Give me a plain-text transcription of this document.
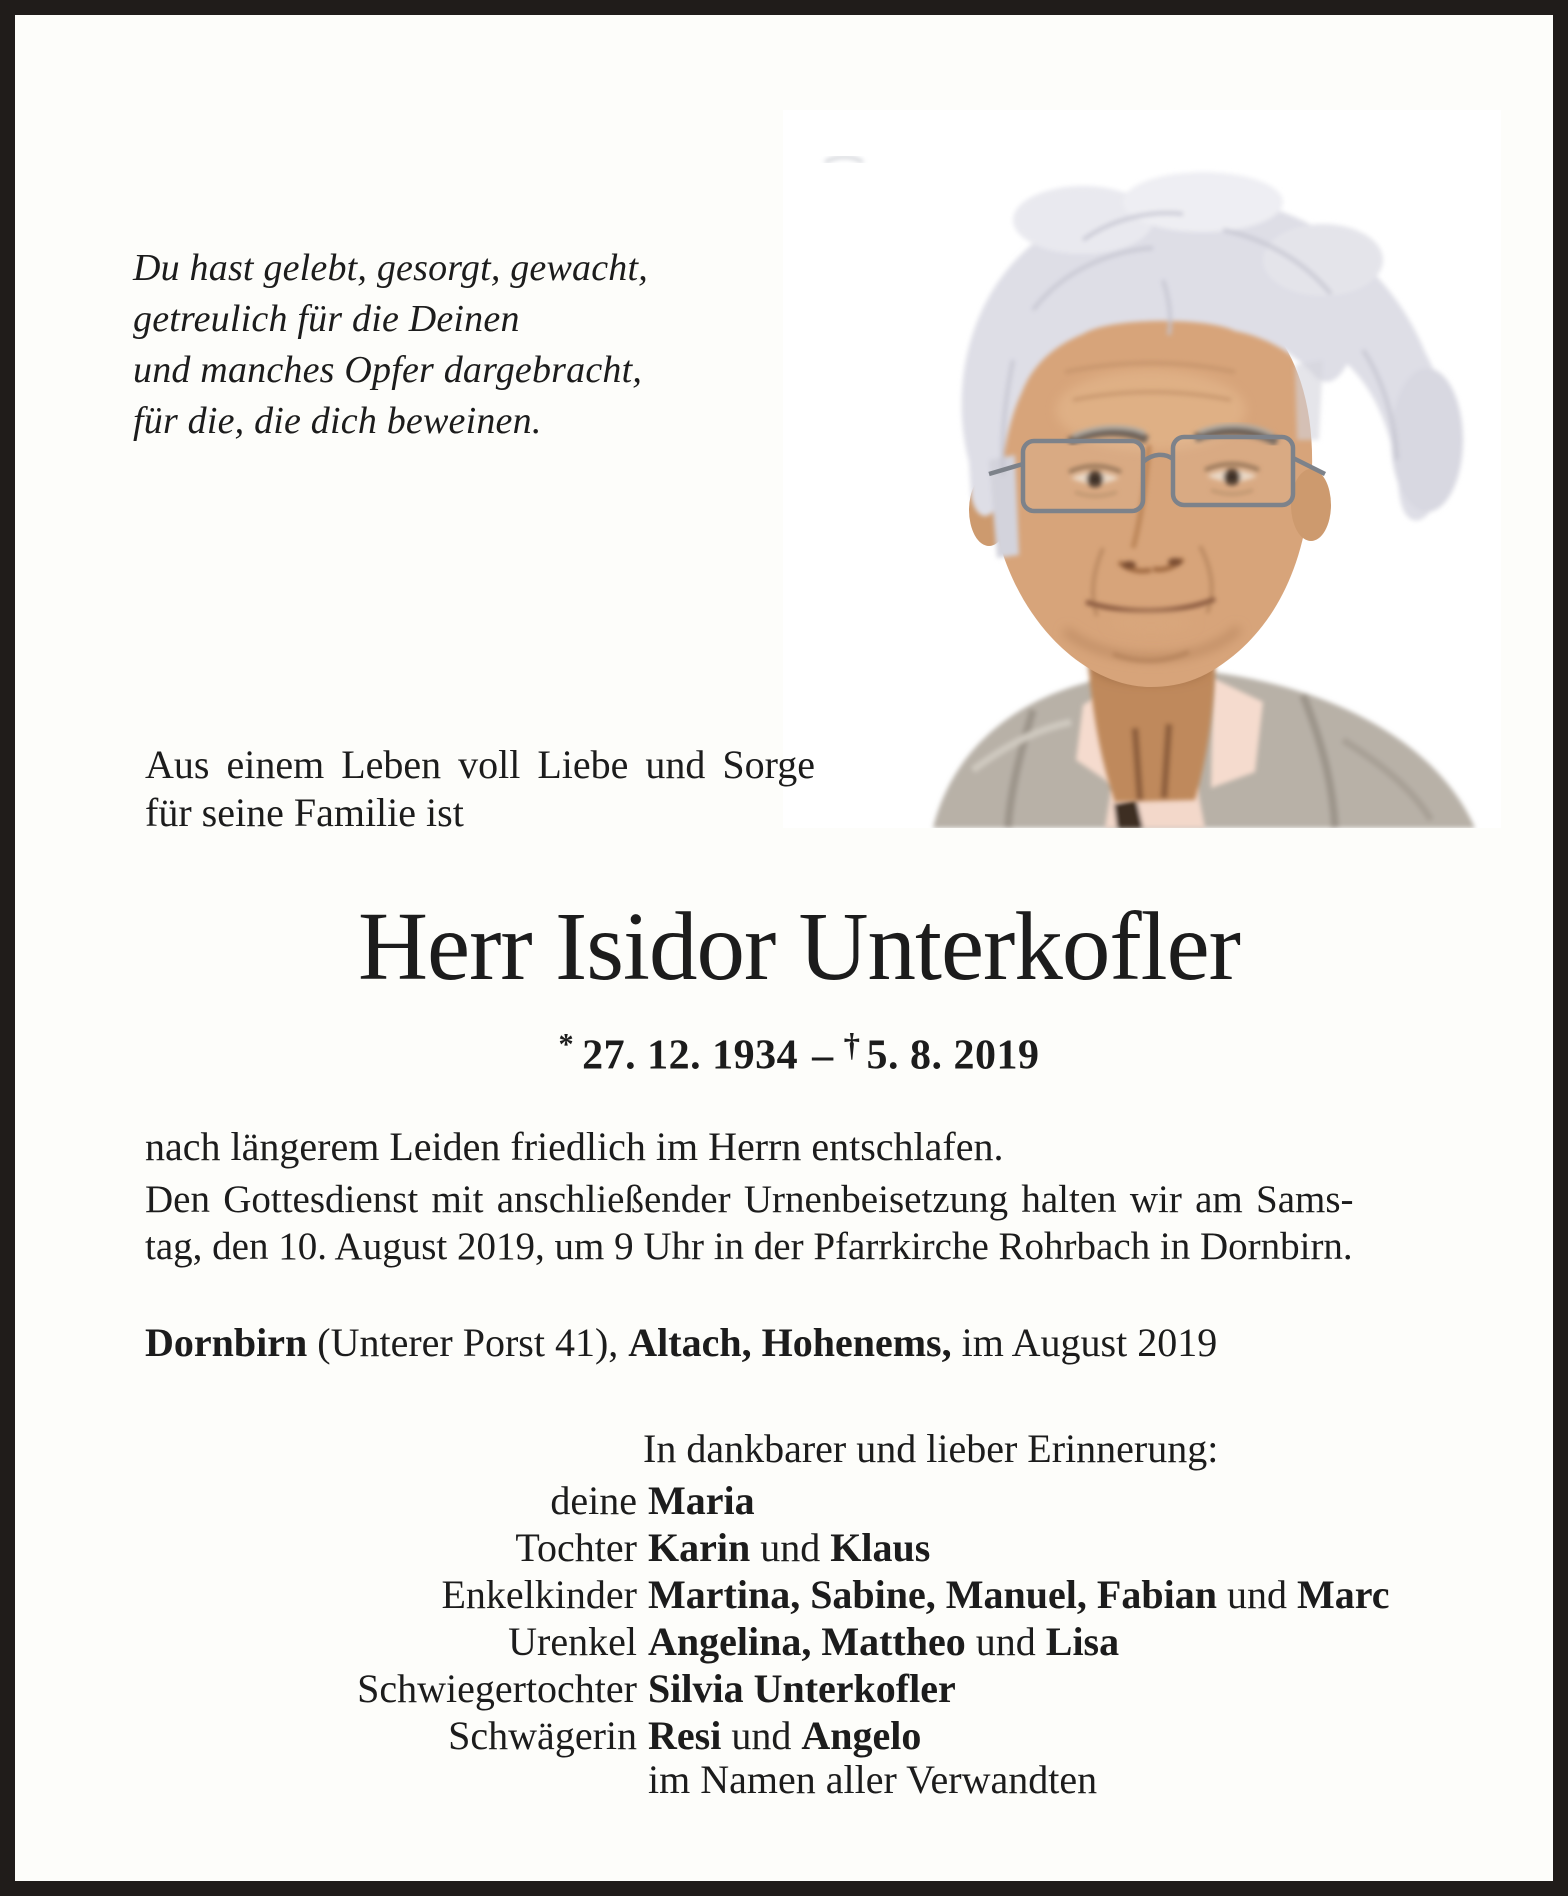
Du hast gelebt, gesorgt, gewacht,
getreulich für die Deinen
und manches Opfer dargebracht,
für die, die dich beweinen.
Aus einem Leben voll Liebe und Sorge
für seine Familie ist
Herr Isidor Unterkofler
* 27. 12. 1934 – † 5. 8. 2019
nach längerem Leiden friedlich im Herrn entschlafen.
Den Gottesdienst mit anschließender Urnenbeisetzung halten wir am Sams-
tag, den 10. August 2019, um 9 Uhr in der Pfarrkirche Rohrbach in Dornbirn.
Dornbirn (Unterer Porst 41), Altach, Hohenems, im August 2019
In dankbarer und lieber Erinnerung:
deine Maria
Tochter Karin und Klaus
Enkelkinder Martina, Sabine, Manuel, Fabian und Marc
Urenkel Angelina, Mattheo und Lisa
Schwiegertochter Silvia Unterkofler
Schwägerin Resi und Angelo
im Namen aller Verwandten
